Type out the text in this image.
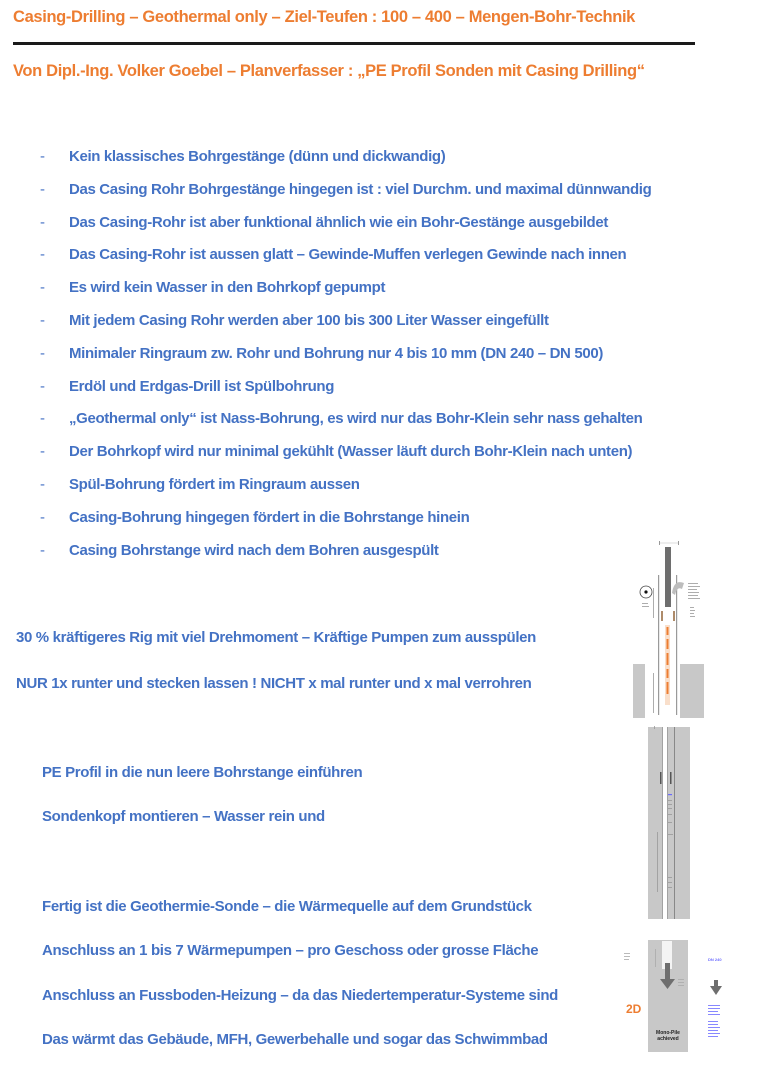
Casing-Drilling – Geothermal only – Ziel-Teufen : 100 – 400 – Mengen-Bohr-Technik
Von Dipl.-Ing. Volker Goebel – Planverfasser : „PE Profil Sonden mit Casing Drilling“
- Kein klassisches Bohrgestänge (dünn und dickwandig)
- Das Casing Rohr Bohrgestänge hingegen ist : viel Durchm. und maximal dünnwandig
- Das Casing-Rohr ist aber funktional ähnlich wie ein Bohr-Gestänge ausgebildet
- Das Casing-Rohr ist aussen glatt – Gewinde-Muffen verlegen Gewinde nach innen
- Es wird kein Wasser in den Bohrkopf gepumpt
- Mit jedem Casing Rohr werden aber 100 bis 300 Liter Wasser eingefüllt
- Minimaler Ringraum zw. Rohr und Bohrung nur 4 bis 10 mm (DN 240 – DN 500)
- Erdöl und Erdgas-Drill ist Spülbohrung
- „Geothermal only“ ist Nass-Bohrung, es wird nur das Bohr-Klein sehr nass gehalten
- Der Bohrkopf wird nur minimal gekühlt (Wasser läuft durch Bohr-Klein nach unten)
- Spül-Bohrung fördert im Ringraum aussen
- Casing-Bohrung hingegen fördert in die Bohrstange hinein
- Casing Bohrstange wird nach dem Bohren ausgespült
30 % kräftigeres Rig mit viel Drehmoment – Kräftige Pumpen zum ausspülen
NUR 1x runter und stecken lassen ! NICHT x mal runter und x mal verrohren
PE Profil in die nun leere Bohrstange einführen
Sondenkopf montieren – Wasser rein und
Fertig ist die Geothermie-Sonde – die Wärmequelle auf dem Grundstück
Anschluss an 1 bis 7 Wärmepumpen – pro Geschoss oder grosse Fläche
Anschluss an Fussboden-Heizung – da das Niedertemperatur-Systeme sind
Das wärmt das Gebäude, MFH, Gewerbehalle und sogar das Schwimmbad
DN 240
2D
Mono-Pile
achieved
